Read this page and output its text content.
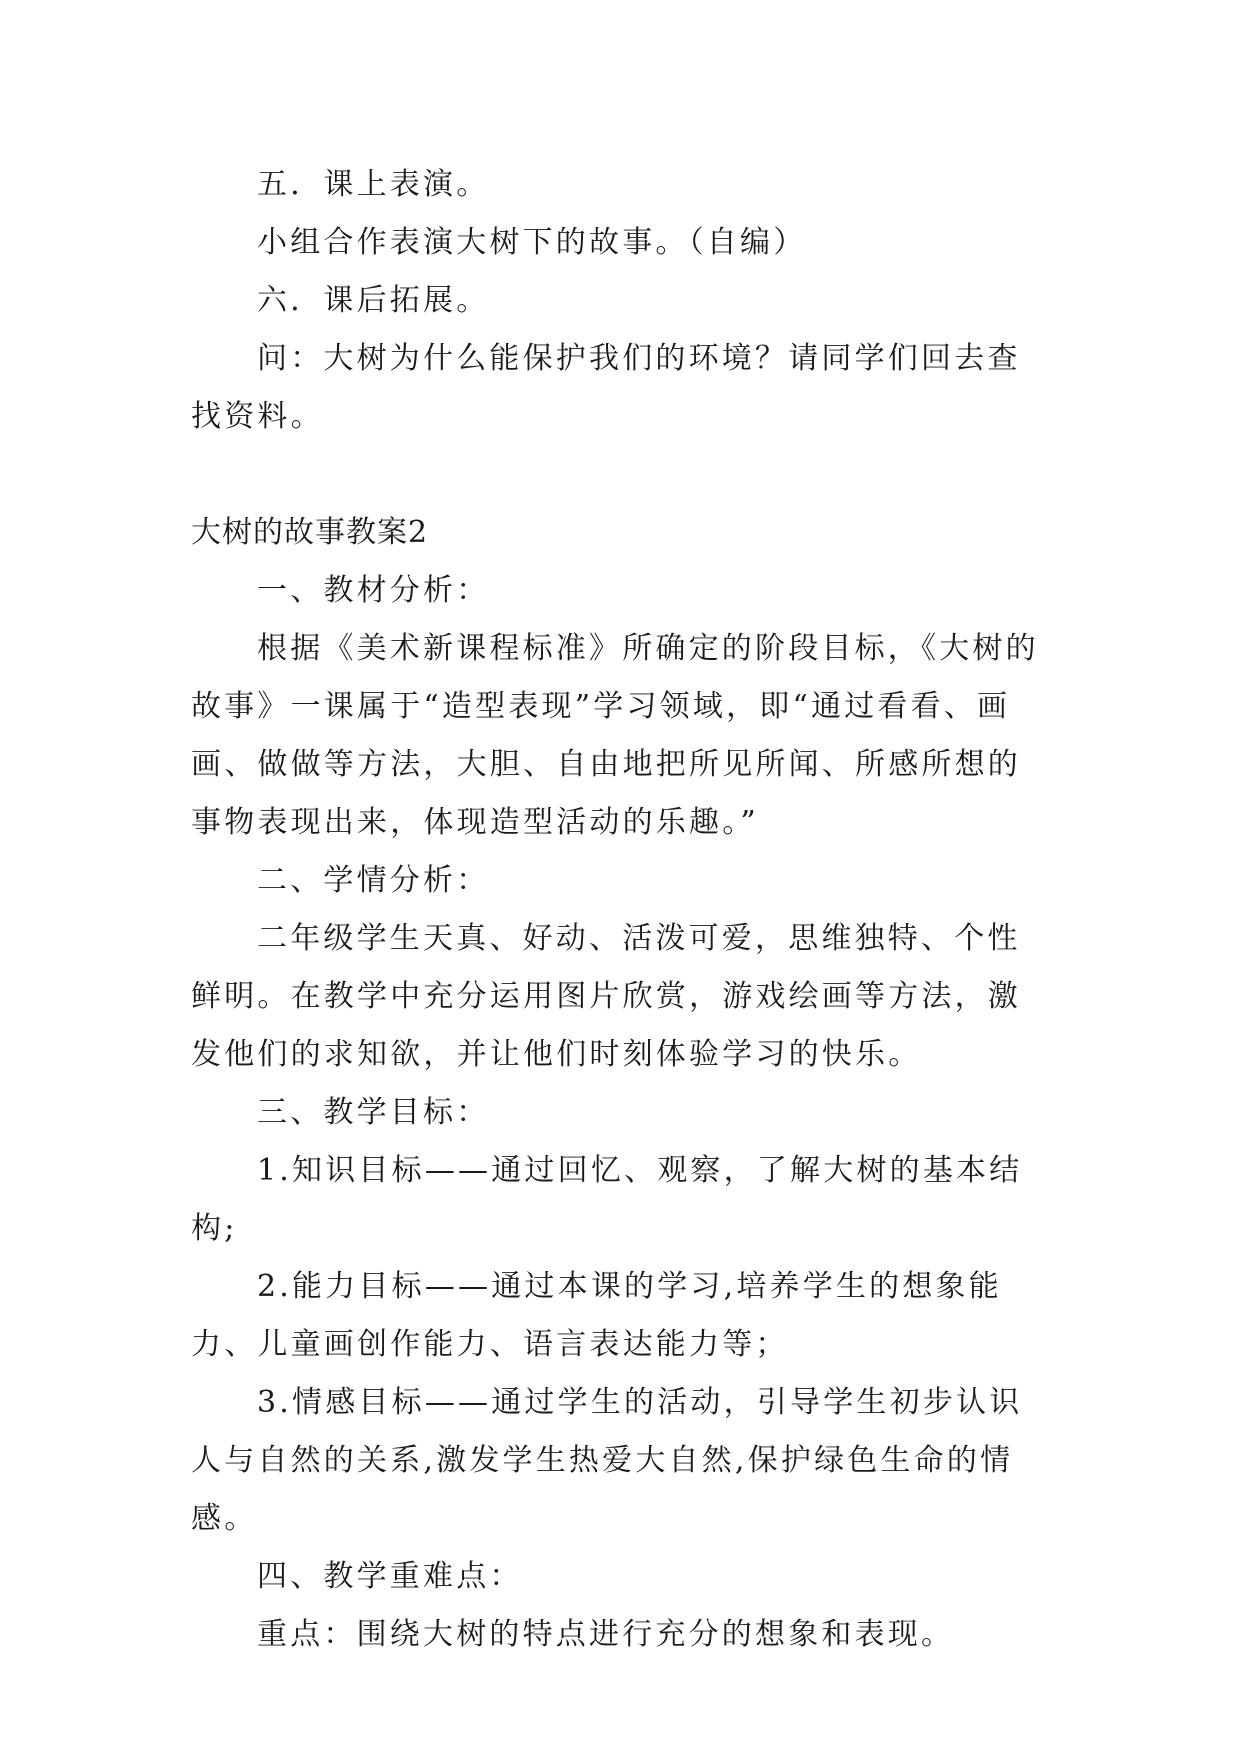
五．课上表演。

小组合作表演大树下的故事。（自编）

六．课后拓展。

问：大树为什么能保护我们的环境？请同学们回去查找资料。

大树的故事教案2

一、教材分析：

根据《美术新课程标准》所确定的阶段目标，《大树的故事》一课属于“造型表现”学习领域，即“通过看看、画画、做做等方法，大胆、自由地把所见所闻、所感所想的事物表现出来，体现造型活动的乐趣。”

二、学情分析：

二年级学生天真、好动、活泼可爱，思维独特、个性鲜明。在教学中充分运用图片欣赏，游戏绘画等方法，激发他们的求知欲，并让他们时刻体验学习的快乐。

三、教学目标：

1.知识目标——通过回忆、观察，了解大树的基本结构;

2.能力目标——通过本课的学习,培养学生的想象能力、儿童画创作能力、语言表达能力等；

3.情感目标——通过学生的活动，引导学生初步认识人与自然的关系,激发学生热爱大自然,保护绿色生命的情感。

四、教学重难点：

重点：围绕大树的特点进行充分的想象和表现。
